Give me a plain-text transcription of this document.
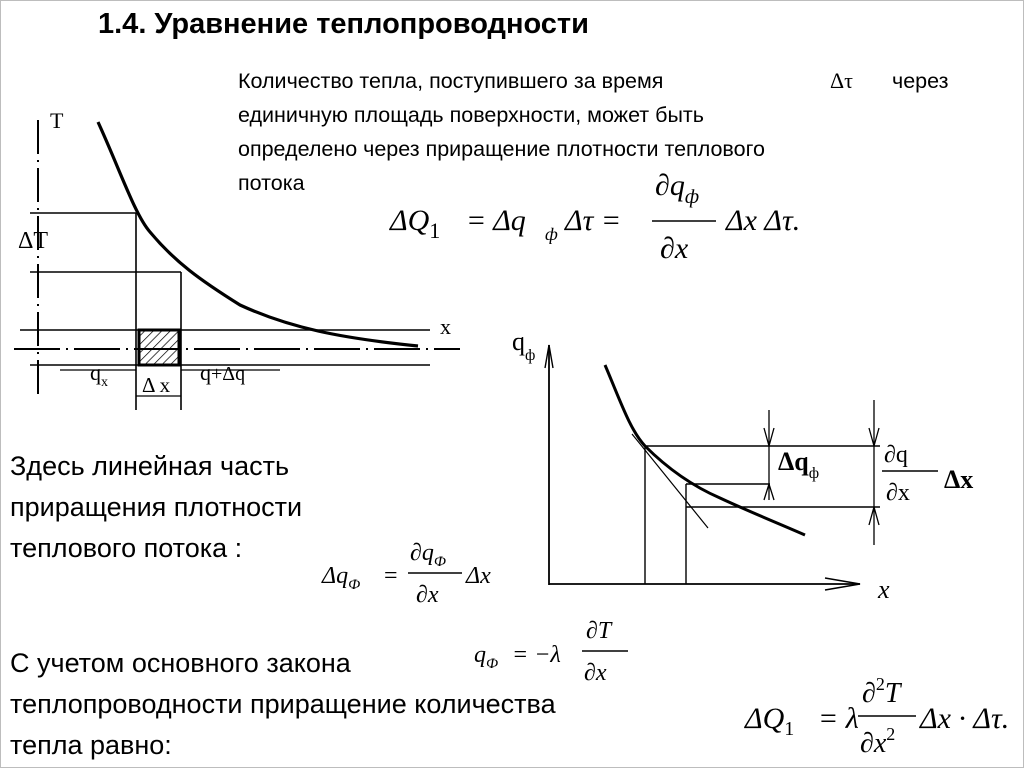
1.4. Уравнение теплопроводности
Количество тепла, поступившего за время	Δτ через
единичную площадь поверхности, может быть
определено через приращение плотности теплового
потока
Здесь линейная часть
приращения плотности
теплового потока :
С учетом основного закона
теплопроводности приращение количества
тепла равно:
T
x
ΔT
$q_x$	q+Δq
Δ x
$\Delta Q_1 = \Delta q$ ф Δτ =
$\partial q_ф$
∂x
Δx Δτ.
$q_ф$
x
$\Delta q_ф$
∂q
∂x Δx
$\Delta q_Ф$ =
$\partial q_Ф$
∂x
Δx
$q_Ф = -\lambda$
∂T
∂x
$\Delta Q_1 = \lambda$
∂$^2$T
$\partial x^2$ Δx · Δτ.
